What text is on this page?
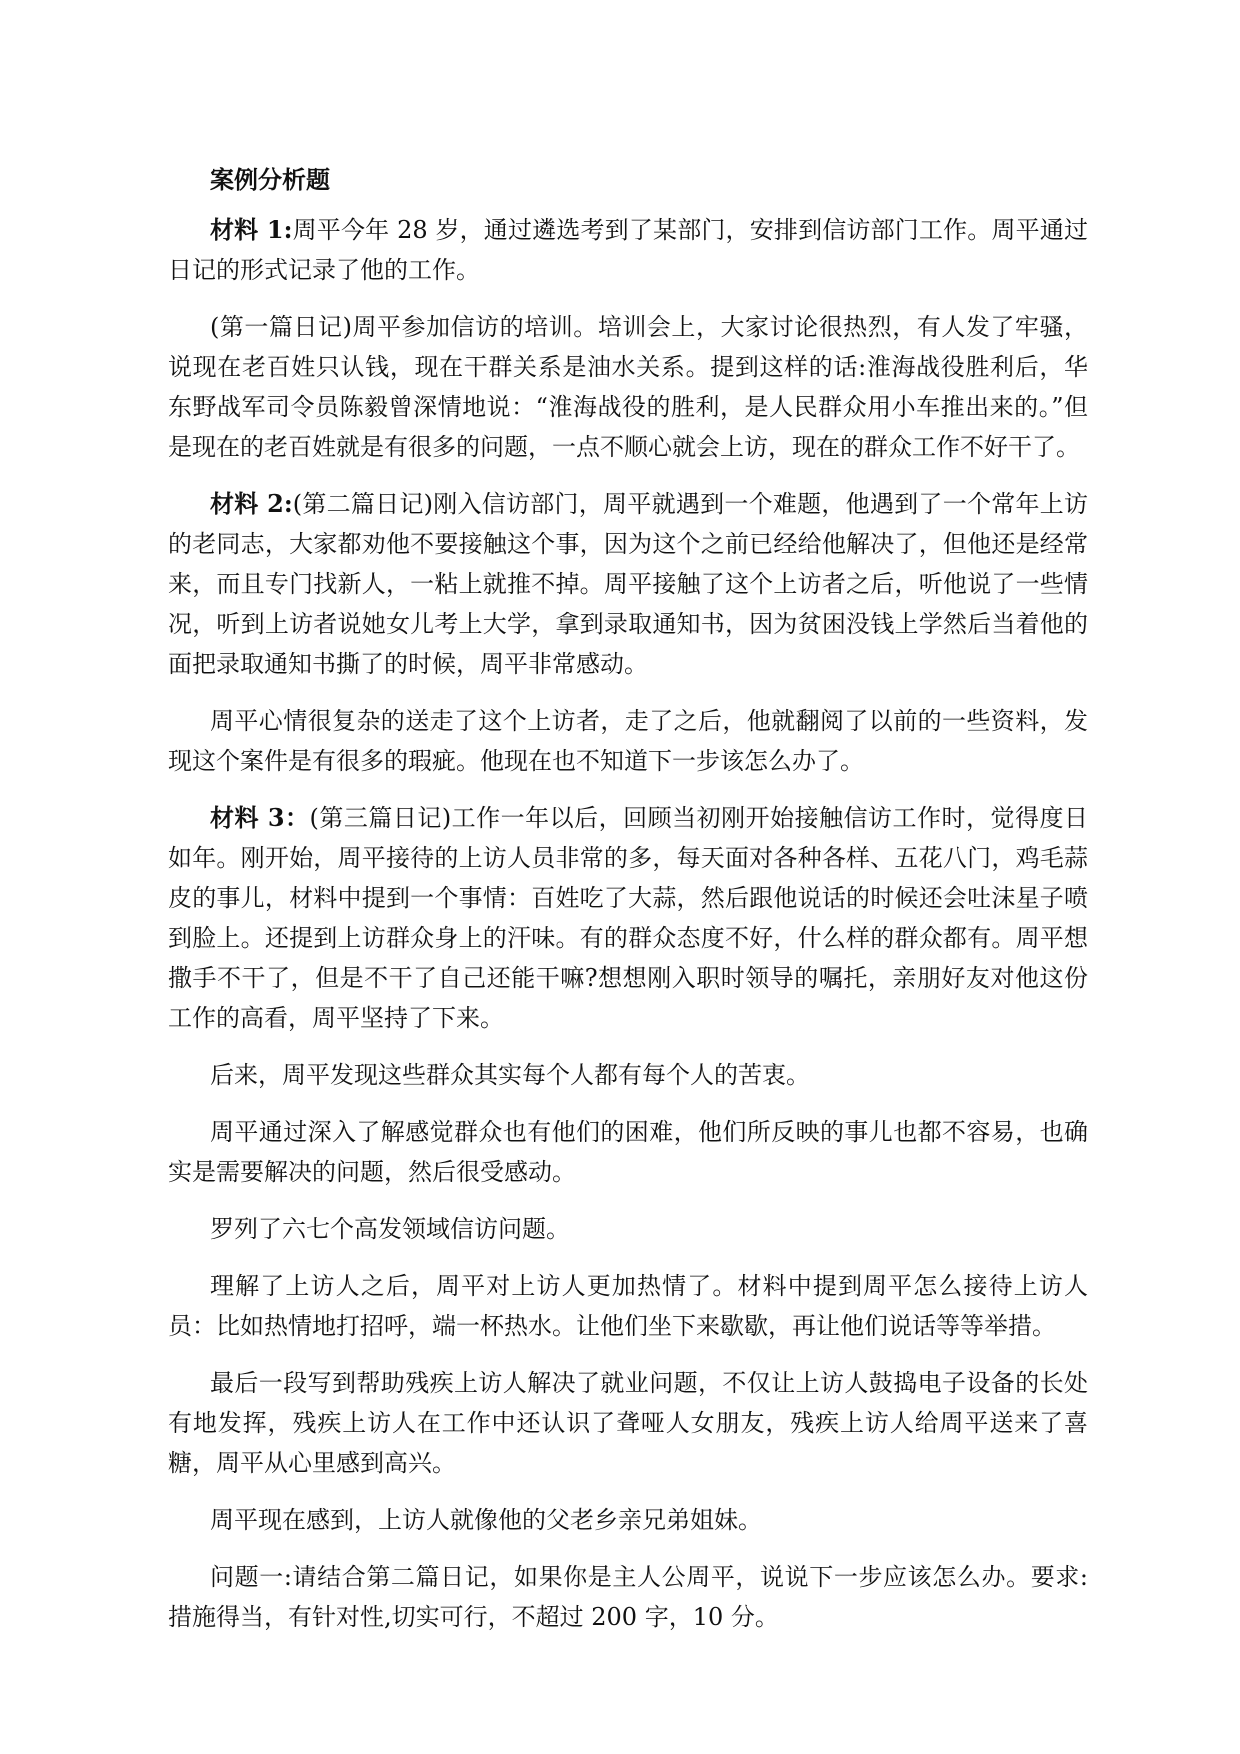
案例分析题

材料 1:周平今年 28 岁，通过遴选考到了某部门，安排到信访部门工作。周平通过日记的形式记录了他的工作。

(第一篇日记)周平参加信访的培训。培训会上，大家讨论很热烈，有人发了牢骚，说现在老百姓只认钱，现在干群关系是油水关系。提到这样的话:淮海战役胜利后，华东野战军司令员陈毅曾深情地说：“淮海战役的胜利，是人民群众用小车推出来的。”但是现在的老百姓就是有很多的问题，一点不顺心就会上访，现在的群众工作不好干了。

材料 2:(第二篇日记)刚入信访部门，周平就遇到一个难题，他遇到了一个常年上访的老同志，大家都劝他不要接触这个事，因为这个之前已经给他解决了，但他还是经常来，而且专门找新人，一粘上就推不掉。周平接触了这个上访者之后，听他说了一些情况，听到上访者说她女儿考上大学，拿到录取通知书，因为贫困没钱上学然后当着他的面把录取通知书撕了的时候，周平非常感动。

周平心情很复杂的送走了这个上访者，走了之后，他就翻阅了以前的一些资料，发现这个案件是有很多的瑕疵。他现在也不知道下一步该怎么办了。

材料 3：(第三篇日记)工作一年以后，回顾当初刚开始接触信访工作时，觉得度日如年。刚开始，周平接待的上访人员非常的多，每天面对各种各样、五花八门，鸡毛蒜皮的事儿，材料中提到一个事情：百姓吃了大蒜，然后跟他说话的时候还会吐沫星子喷到脸上。还提到上访群众身上的汗味。有的群众态度不好，什么样的群众都有。周平想撒手不干了，但是不干了自己还能干嘛?想想刚入职时领导的嘱托，亲朋好友对他这份工作的高看，周平坚持了下来。

后来，周平发现这些群众其实每个人都有每个人的苦衷。

周平通过深入了解感觉群众也有他们的困难，他们所反映的事儿也都不容易，也确实是需要解决的问题，然后很受感动。

罗列了六七个高发领域信访问题。

理解了上访人之后，周平对上访人更加热情了。材料中提到周平怎么接待上访人员：比如热情地打招呼，端一杯热水。让他们坐下来歇歇，再让他们说话等等举措。

最后一段写到帮助残疾上访人解决了就业问题，不仅让上访人鼓捣电子设备的长处有地发挥，残疾上访人在工作中还认识了聋哑人女朋友，残疾上访人给周平送来了喜糖，周平从心里感到高兴。

周平现在感到，上访人就像他的父老乡亲兄弟姐妹。

问题一:请结合第二篇日记，如果你是主人公周平，说说下一步应该怎么办。要求:措施得当，有针对性,切实可行，不超过 200 字，10 分。
